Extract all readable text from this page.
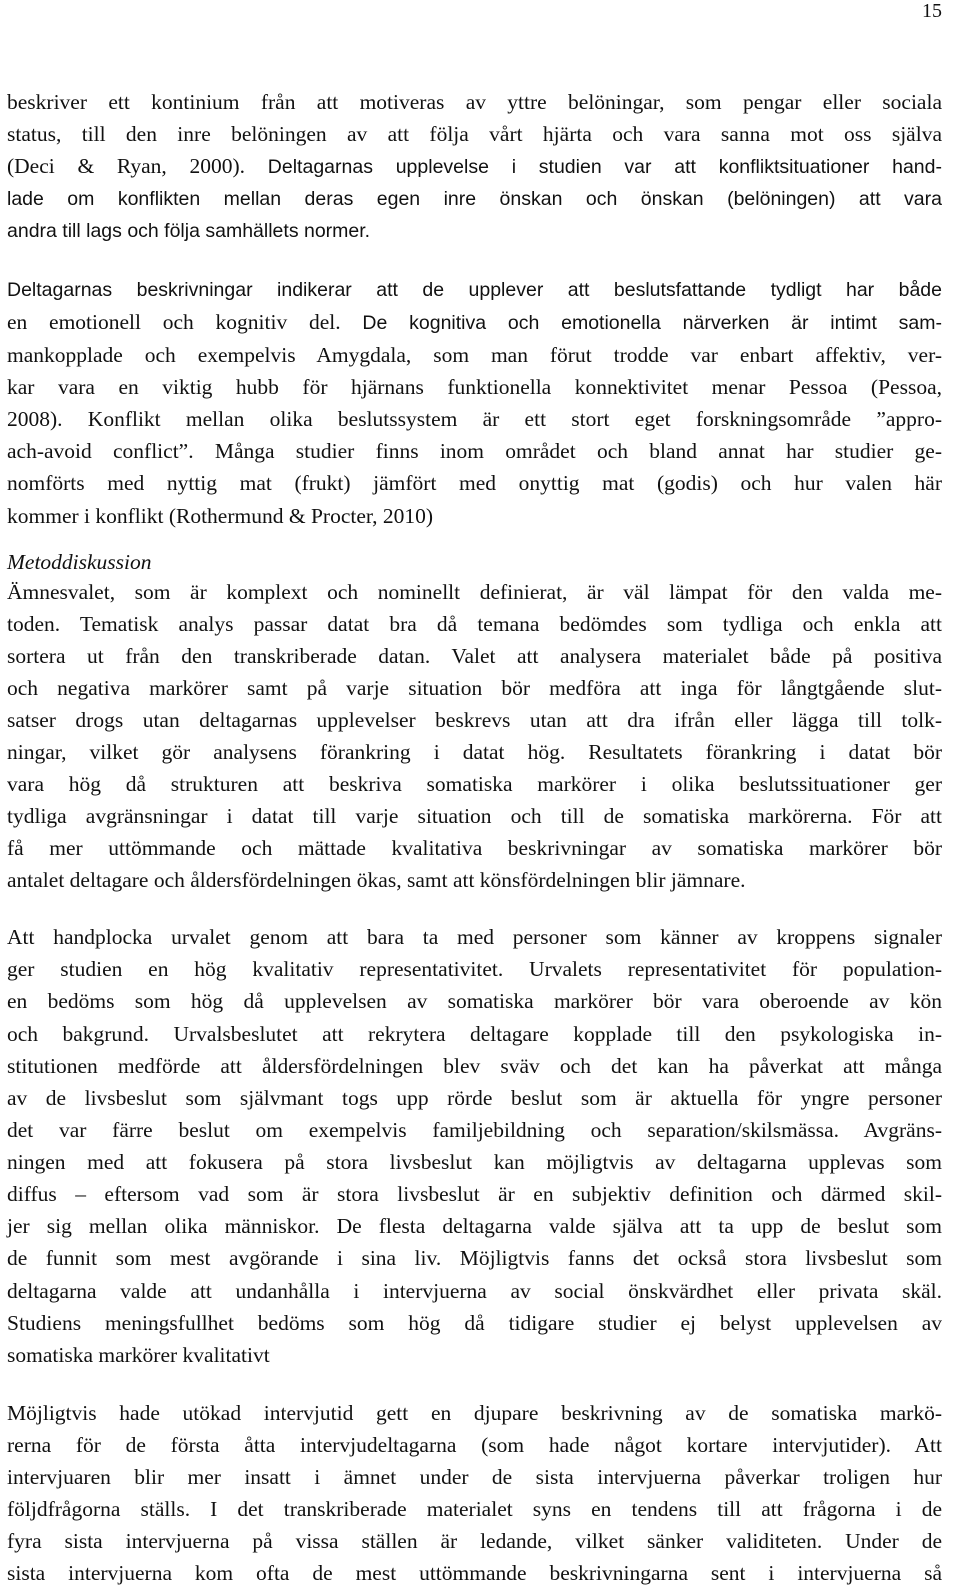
15
beskriver ett kontinium från att motiveras av yttre belöningar, som pengar eller sociala
status, till den inre belöningen av att följa vårt hjärta och vara sanna mot oss själva
(Deci & Ryan, 2000). Deltagarnas upplevelse i studien var att konfliktsituationer hand-
lade om konflikten mellan deras egen inre önskan och önskan (belöningen) att vara
andra till lags och följa samhällets normer.
Deltagarnas beskrivningar indikerar att de upplever att beslutsfattande tydligt har både
en emotionell och kognitiv del. De kognitiva och emotionella närverken är intimt sam-
mankopplade och exempelvis Amygdala, som man förut trodde var enbart affektiv, ver-
kar vara en viktig hubb för hjärnans funktionella konnektivitet menar Pessoa (Pessoa,
2008). Konflikt mellan olika beslutssystem är ett stort eget forskningsområde ”appro-
ach-avoid conflict”. Många studier finns inom området och bland annat har studier ge-
nomförts med nyttig mat (frukt) jämfört med onyttig mat (godis) och hur valen här
kommer i konflikt (Rothermund & Procter, 2010)
Metoddiskussion
Ämnesvalet, som är komplext och nominellt definierat, är väl lämpat för den valda me-
toden. Tematisk analys passar datat bra då temana bedömdes som tydliga och enkla att
sortera ut från den transkriberade datan. Valet att analysera materialet både på positiva
och negativa markörer samt på varje situation bör medföra att inga för långtgående slut-
satser drogs utan deltagarnas upplevelser beskrevs utan att dra ifrån eller lägga till tolk-
ningar, vilket gör analysens förankring i datat hög. Resultatets förankring i datat bör
vara hög då strukturen att beskriva somatiska markörer i olika beslutssituationer ger
tydliga avgränsningar i datat till varje situation och till de somatiska markörerna. För att
få mer uttömmande och mättade kvalitativa beskrivningar av somatiska markörer bör
antalet deltagare och åldersfördelningen ökas, samt att könsfördelningen blir jämnare.
Att handplocka urvalet genom att bara ta med personer som känner av kroppens signaler
ger studien en hög kvalitativ representativitet. Urvalets representativitet för population-
en bedöms som hög då upplevelsen av somatiska markörer bör vara oberoende av kön
och bakgrund. Urvalsbeslutet att rekrytera deltagare kopplade till den psykologiska in-
stitutionen medförde att åldersfördelningen blev sväv och det kan ha påverkat att många
av de livsbeslut som självmant togs upp rörde beslut som är aktuella för yngre personer
det var färre beslut om exempelvis familjebildning och separation/skilsmässa. Avgräns-
ningen med att fokusera på stora livsbeslut kan möjligtvis av deltagarna upplevas som
diffus – eftersom vad som är stora livsbeslut är en subjektiv definition och därmed skil-
jer sig mellan olika människor. De flesta deltagarna valde själva att ta upp de beslut som
de funnit som mest avgörande i sina liv. Möjligtvis fanns det också stora livsbeslut som
deltagarna valde att undanhålla i intervjuerna av social önskvärdhet eller privata skäl.
Studiens meningsfullhet bedöms som hög då tidigare studier ej belyst upplevelsen av
somatiska markörer kvalitativt
Möjligtvis hade utökad intervjutid gett en djupare beskrivning av de somatiska markö-
rerna för de första åtta intervjudeltagarna (som hade något kortare intervjutider). Att
intervjuaren blir mer insatt i ämnet under de sista intervjuerna påverkar troligen hur
följdfrågorna ställs. I det transkriberade materialet syns en tendens till att frågorna i de
fyra sista intervjuerna på vissa ställen är ledande, vilket sänker validiteten. Under de
sista intervjuerna kom ofta de mest uttömmande beskrivningarna sent i intervjuerna så
